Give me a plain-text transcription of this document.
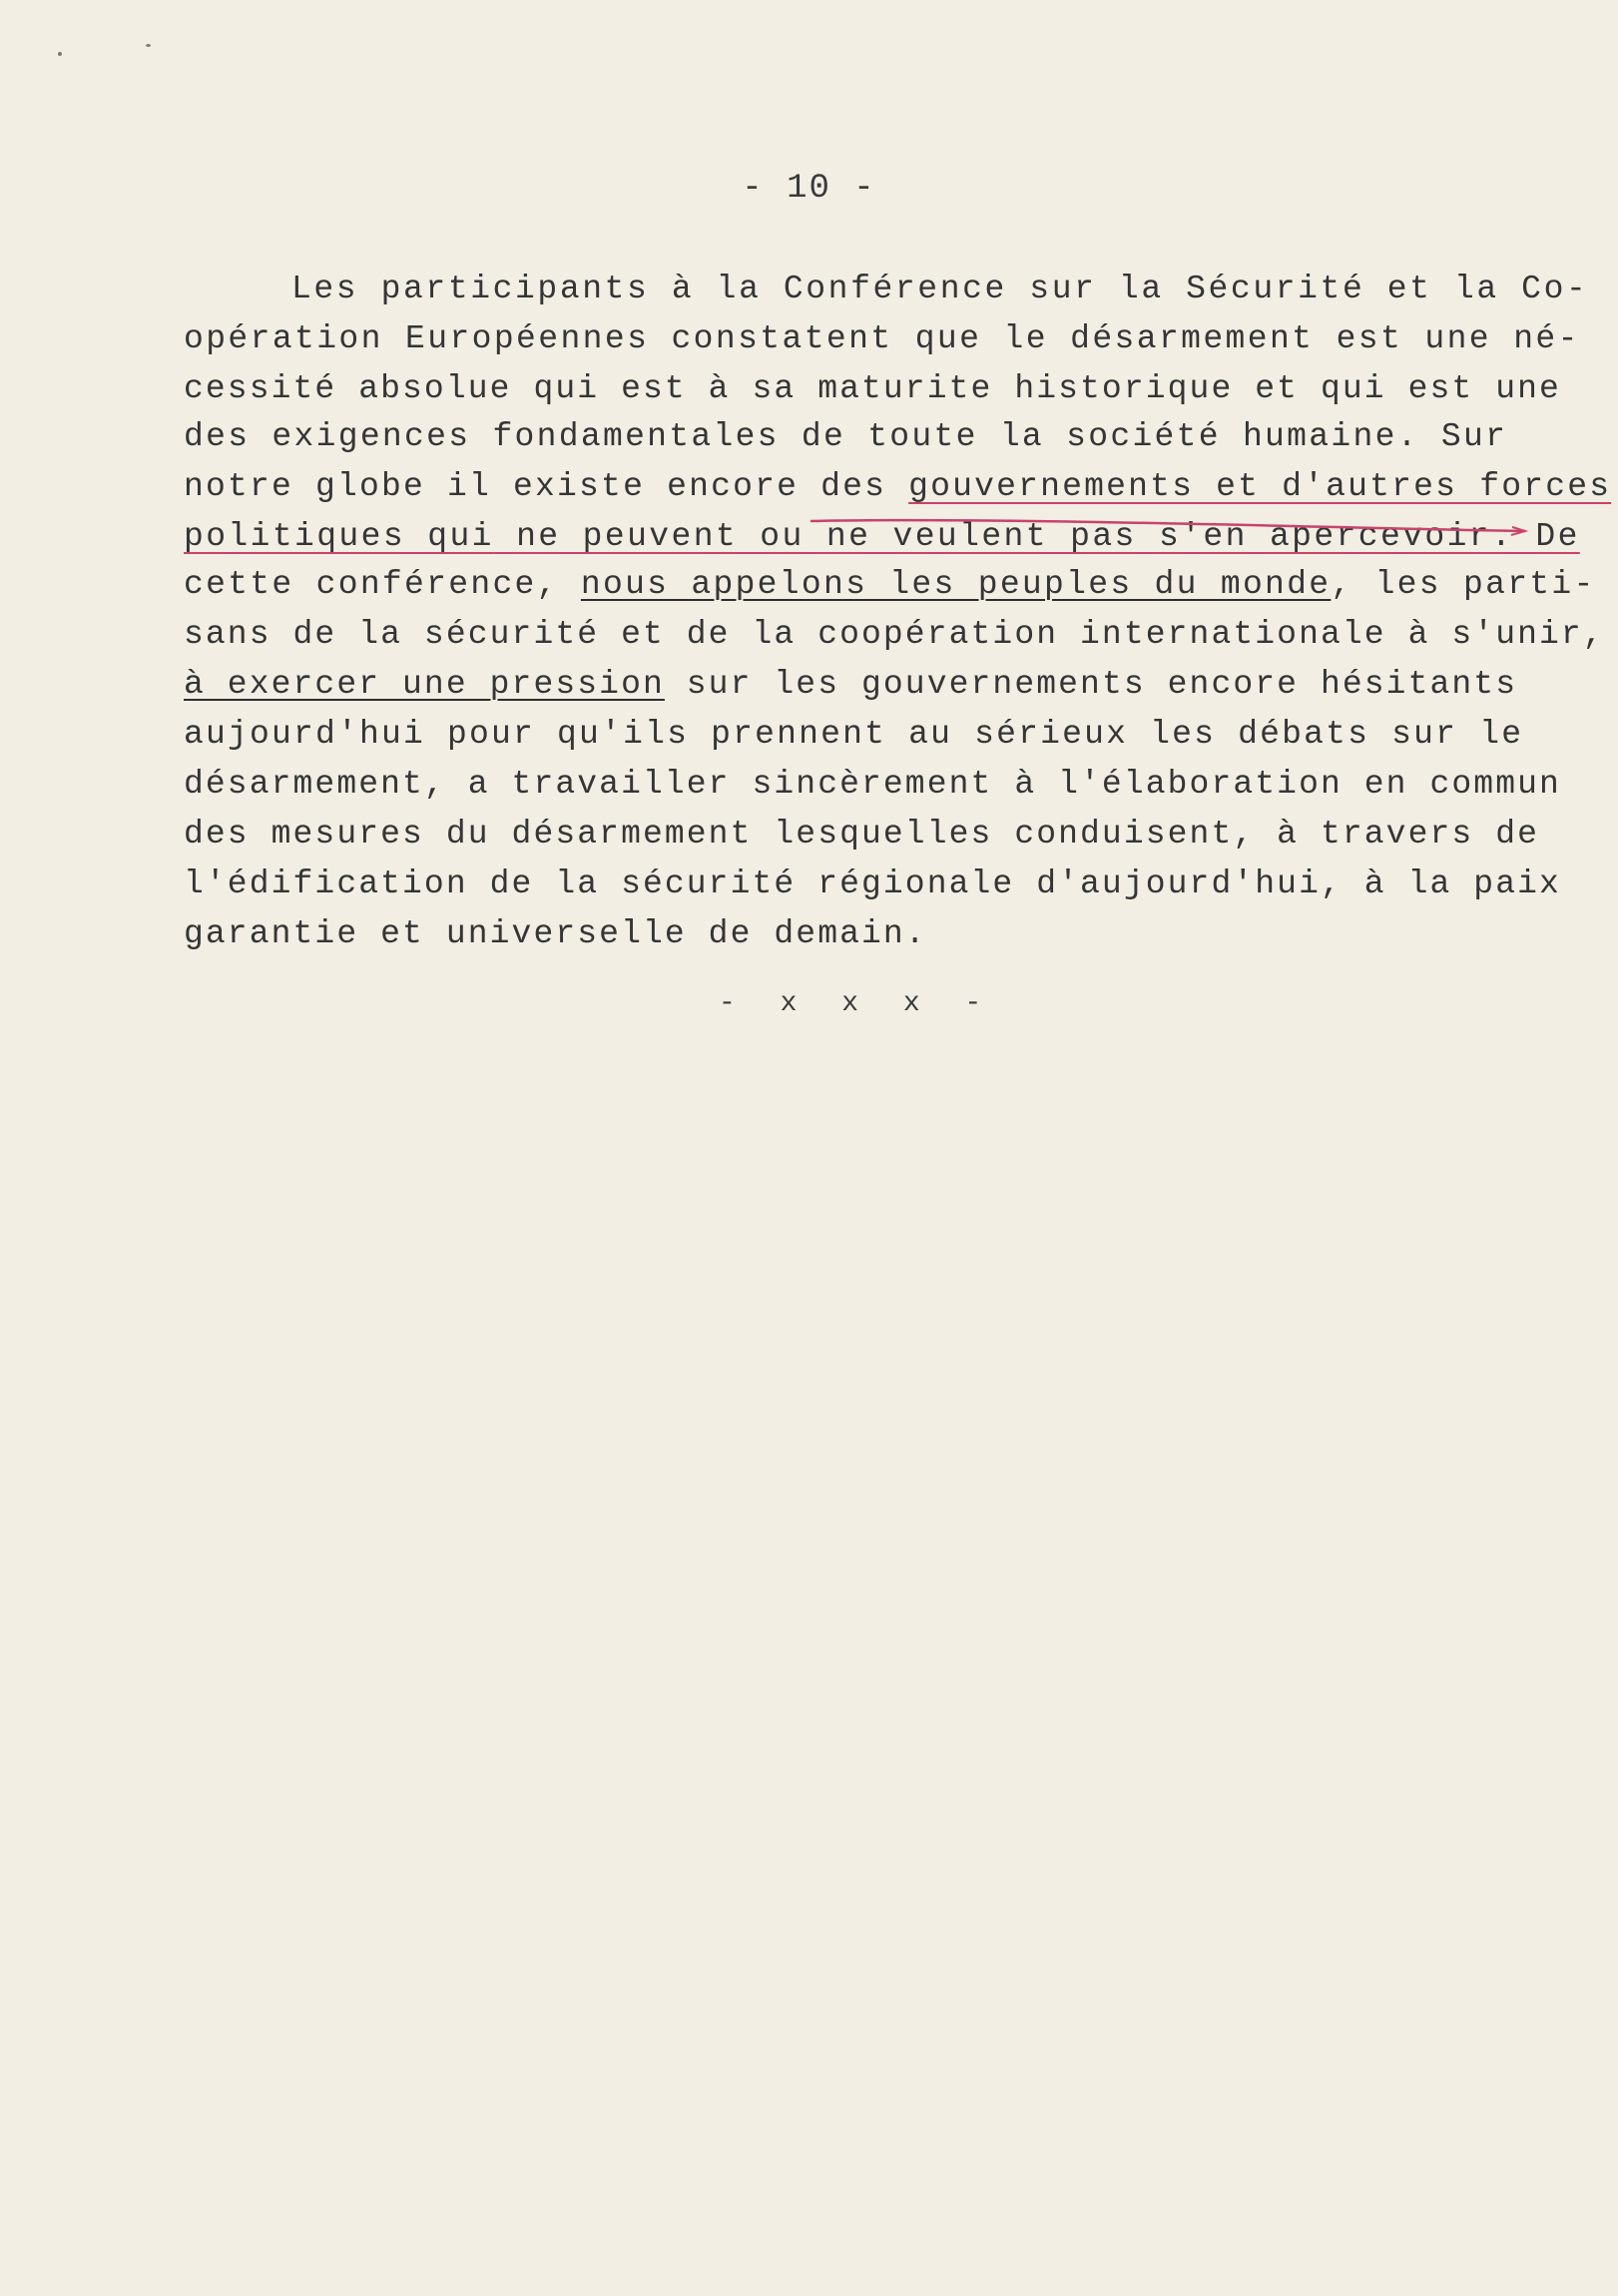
- 10 -
Les participants à la Conférence sur la Sécurité et la Co-
opération Européennes constatent que le désarmement est une né-
cessité absolue qui est à sa maturite historique et qui est une
des exigences fondamentales de toute la société humaine. Sur
notre globe il existe encore des gouvernements et d'autres forces
politiques qui ne peuvent ou ne veulent pas s'en apercevoir. De
cette conférence, nous appelons les peuples du monde, les parti-
sans de la sécurité et de la coopération internationale à s'unir,
à exercer une pression sur les gouvernements encore hésitants
aujourd'hui pour qu'ils prennent au sérieux les débats sur le
désarmement, a travailler sincèrement à l'élaboration en commun
des mesures du désarmement lesquelles conduisent, à travers de
l'édification de la sécurité régionale d'aujourd'hui, à la paix
garantie et universelle de demain.
- x x x -
